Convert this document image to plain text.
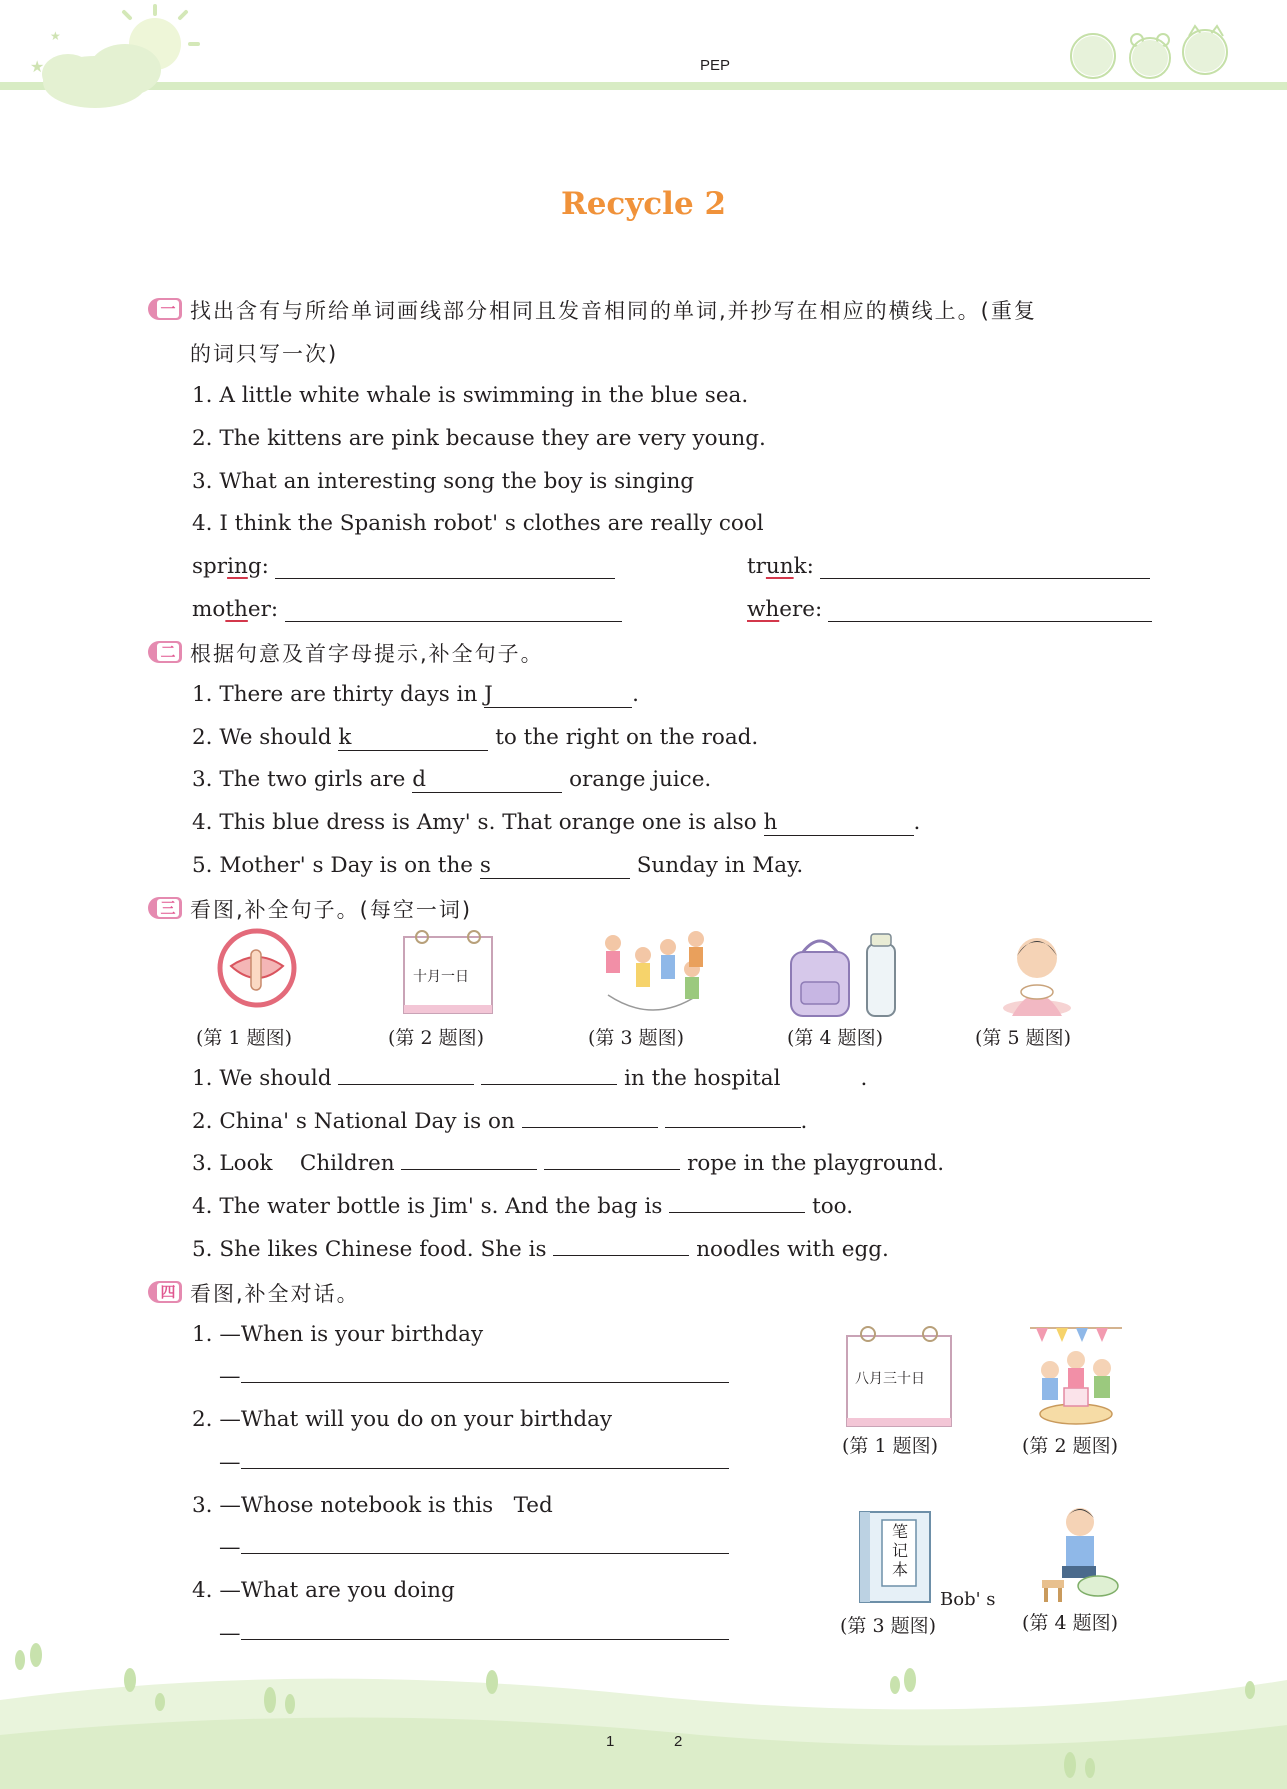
★
★
PEP
Recycle 2
一 找出含有与所给单词画线部分相同且发音相同的单词,并抄写在相应的横线上。(重复
的词只写一次)
1. A little white whale is swimming in the blue sea.
2. The kittens are pink because they are very young.
3. What an interesting song the boy is singing
4. I think the Spanish robot' s clothes are really cool
spring:	trunk:
mother:	where:
二 根据句意及首字母提示,补全句子。
1. There are thirty days in J	.
2. We should k	to the right on the road.
3. The two girls are d	orange juice.
4. This blue dress is Amy' s. That orange one is also h	.
5. Mother' s Day is on the s	Sunday in May.
三 看图,补全句子。(每空一词)
十月一日
(第 1 题图)	(第 2 题图)	(第 3 题图)	(第 4 题图)	(第 5 题图)
1. We should	in the hospital	.
2. China' s National Day is on	.
3. Look    Children	rope in the playground.
4. The water bottle is Jim' s. And the bag is	too.
5. She likes Chinese food. She is	noodles with egg.
四 看图,补全对话。
1. —When is your birthday
—
2. —What will you do on your birthday
—
3. —Whose notebook is this   Ted
—
4. —What are you doing
—
八月三十日
(第 1 题图)	(第 2 题图)
笔记本
Bob' s
(第 3 题图)	(第 4 题图)
1	2
